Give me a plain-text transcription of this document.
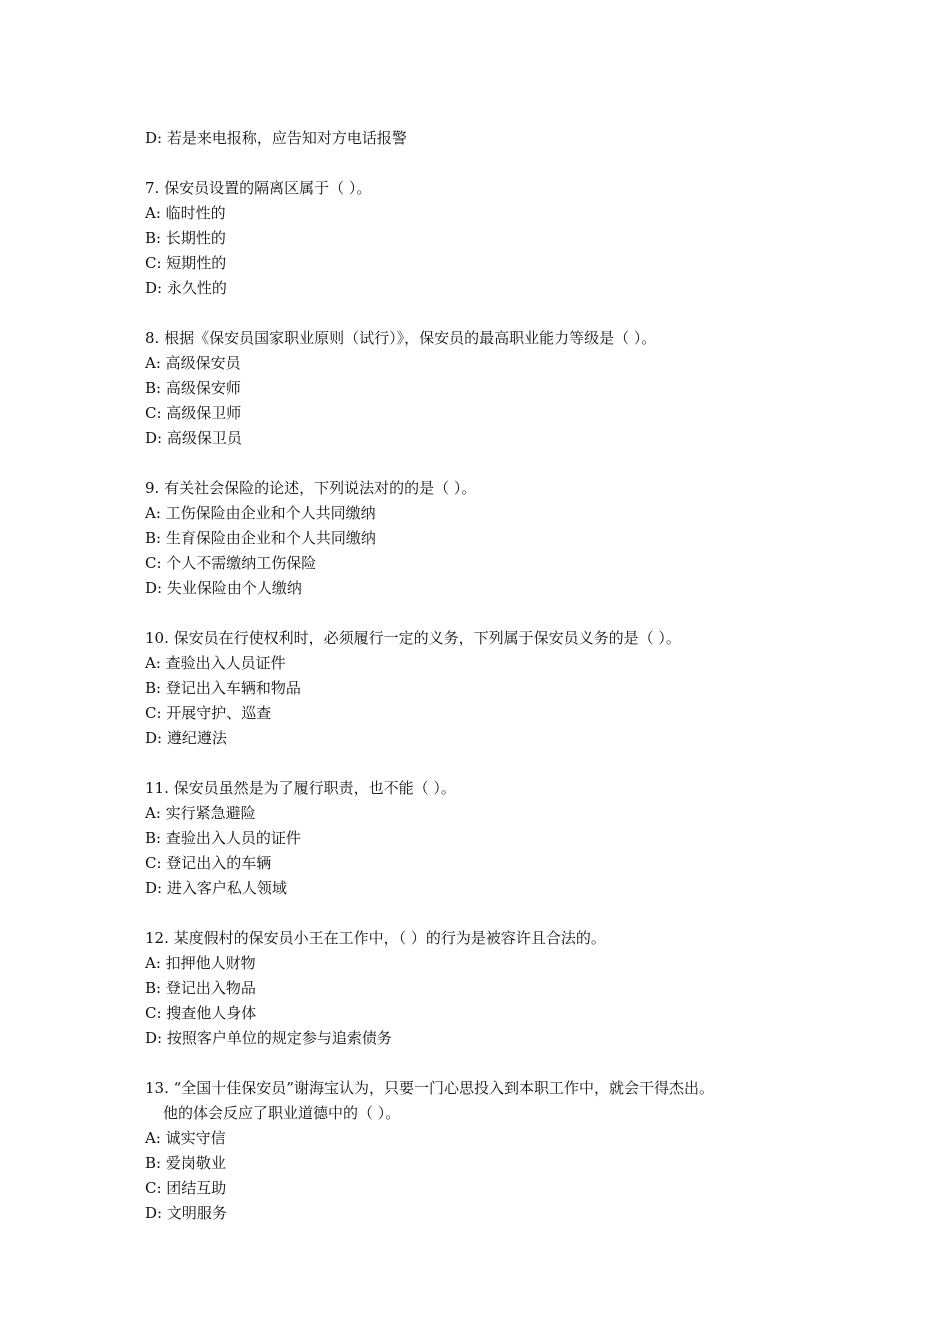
D: 若是来电报称，应告知对方电话报警
7. 保安员设置的隔离区属于（ ）。
A: 临时性的
B: 长期性的
C: 短期性的
D: 永久性的
8. 根据《保安员国家职业原则（试行）》，保安员的最高职业能力等级是（ ）。
A: 高级保安员
B: 高级保安师
C: 高级保卫师
D: 高级保卫员
9. 有关社会保险的论述，下列说法对的的是（ ）。
A: 工伤保险由企业和个人共同缴纳
B: 生育保险由企业和个人共同缴纳
C: 个人不需缴纳工伤保险
D: 失业保险由个人缴纳
10. 保安员在行使权利时，必须履行一定的义务，下列属于保安员义务的是（ ）。
A: 查验出入人员证件
B: 登记出入车辆和物品
C: 开展守护、巡查
D: 遵纪遵法
11. 保安员虽然是为了履行职责，也不能（ ）。
A: 实行紧急避险
B: 查验出入人员的证件
C: 登记出入的车辆
D: 进入客户私人领域
12. 某度假村的保安员小王在工作中，（ ）的行为是被容许且合法的。
A: 扣押他人财物
B: 登记出入物品
C: 搜查他人身体
D: 按照客户单位的规定参与追索债务
13. “全国十佳保安员”谢海宝认为，只要一门心思投入到本职工作中，就会干得杰出。
他的体会反应了职业道德中的（ ）。
A: 诚实守信
B: 爱岗敬业
C: 团结互助
D: 文明服务
